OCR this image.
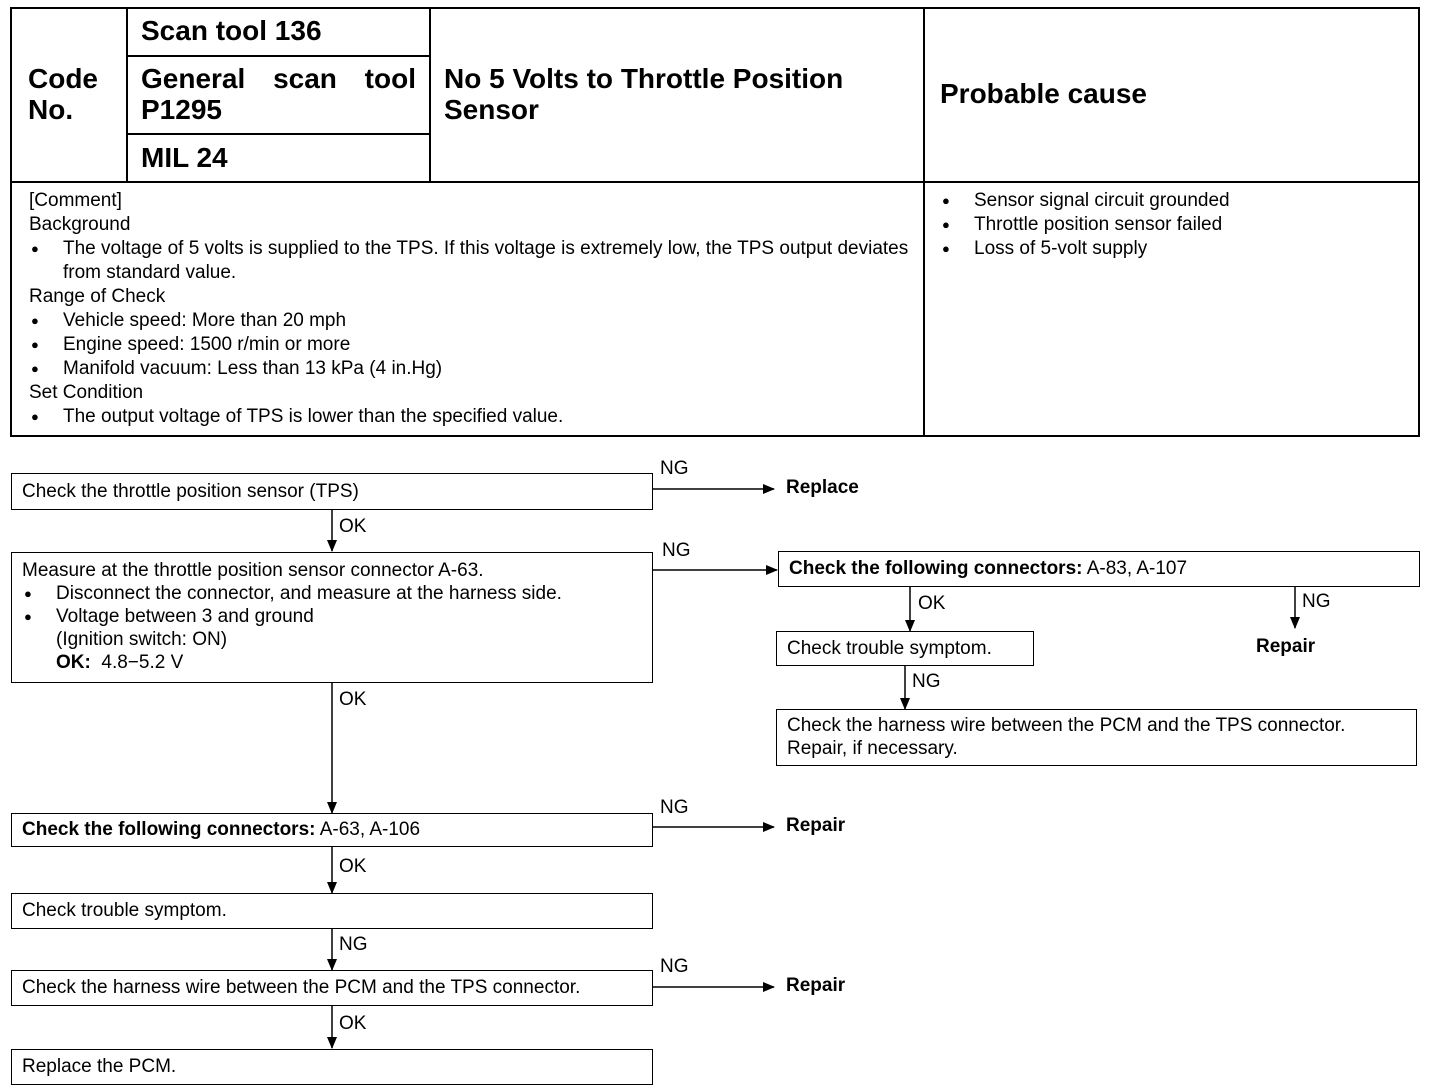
Code No.
Scan tool 136
General scan tool P1295
MIL 24
No 5 Volts to Throttle Position Sensor
Probable cause
[Comment]
Background
● The voltage of 5 volts is supplied to the TPS. If this voltage is extremely low, the TPS output deviates from standard value.
Range of Check
● Vehicle speed: More than 20 mph
● Engine speed: 1500 r/min or more
● Manifold vacuum: Less than 13 kPa (4 in.Hg)
Set Condition
● The output voltage of TPS is lower than the specified value.
● Sensor signal circuit grounded
● Throttle position sensor failed
● Loss of 5-volt supply
Check the throttle position sensor (TPS)
NG
Replace
OK
Measure at the throttle position sensor connector A-63.
● Disconnect the connector, and measure at the harness side.
● Voltage between 3 and ground
(Ignition switch: ON)
OK: 4.8−5.2 V
NG
OK
Check the following connectors: A-83, A-107
OK	NG
Repair
Check trouble symptom.
NG
Check the harness wire between the PCM and the TPS connector.
Repair, if necessary.
Check the following connectors: A-63, A-106
NG
Repair
OK
Check trouble symptom.
NG
Check the harness wire between the PCM and the TPS connector.
NG
Repair
OK
Replace the PCM.
